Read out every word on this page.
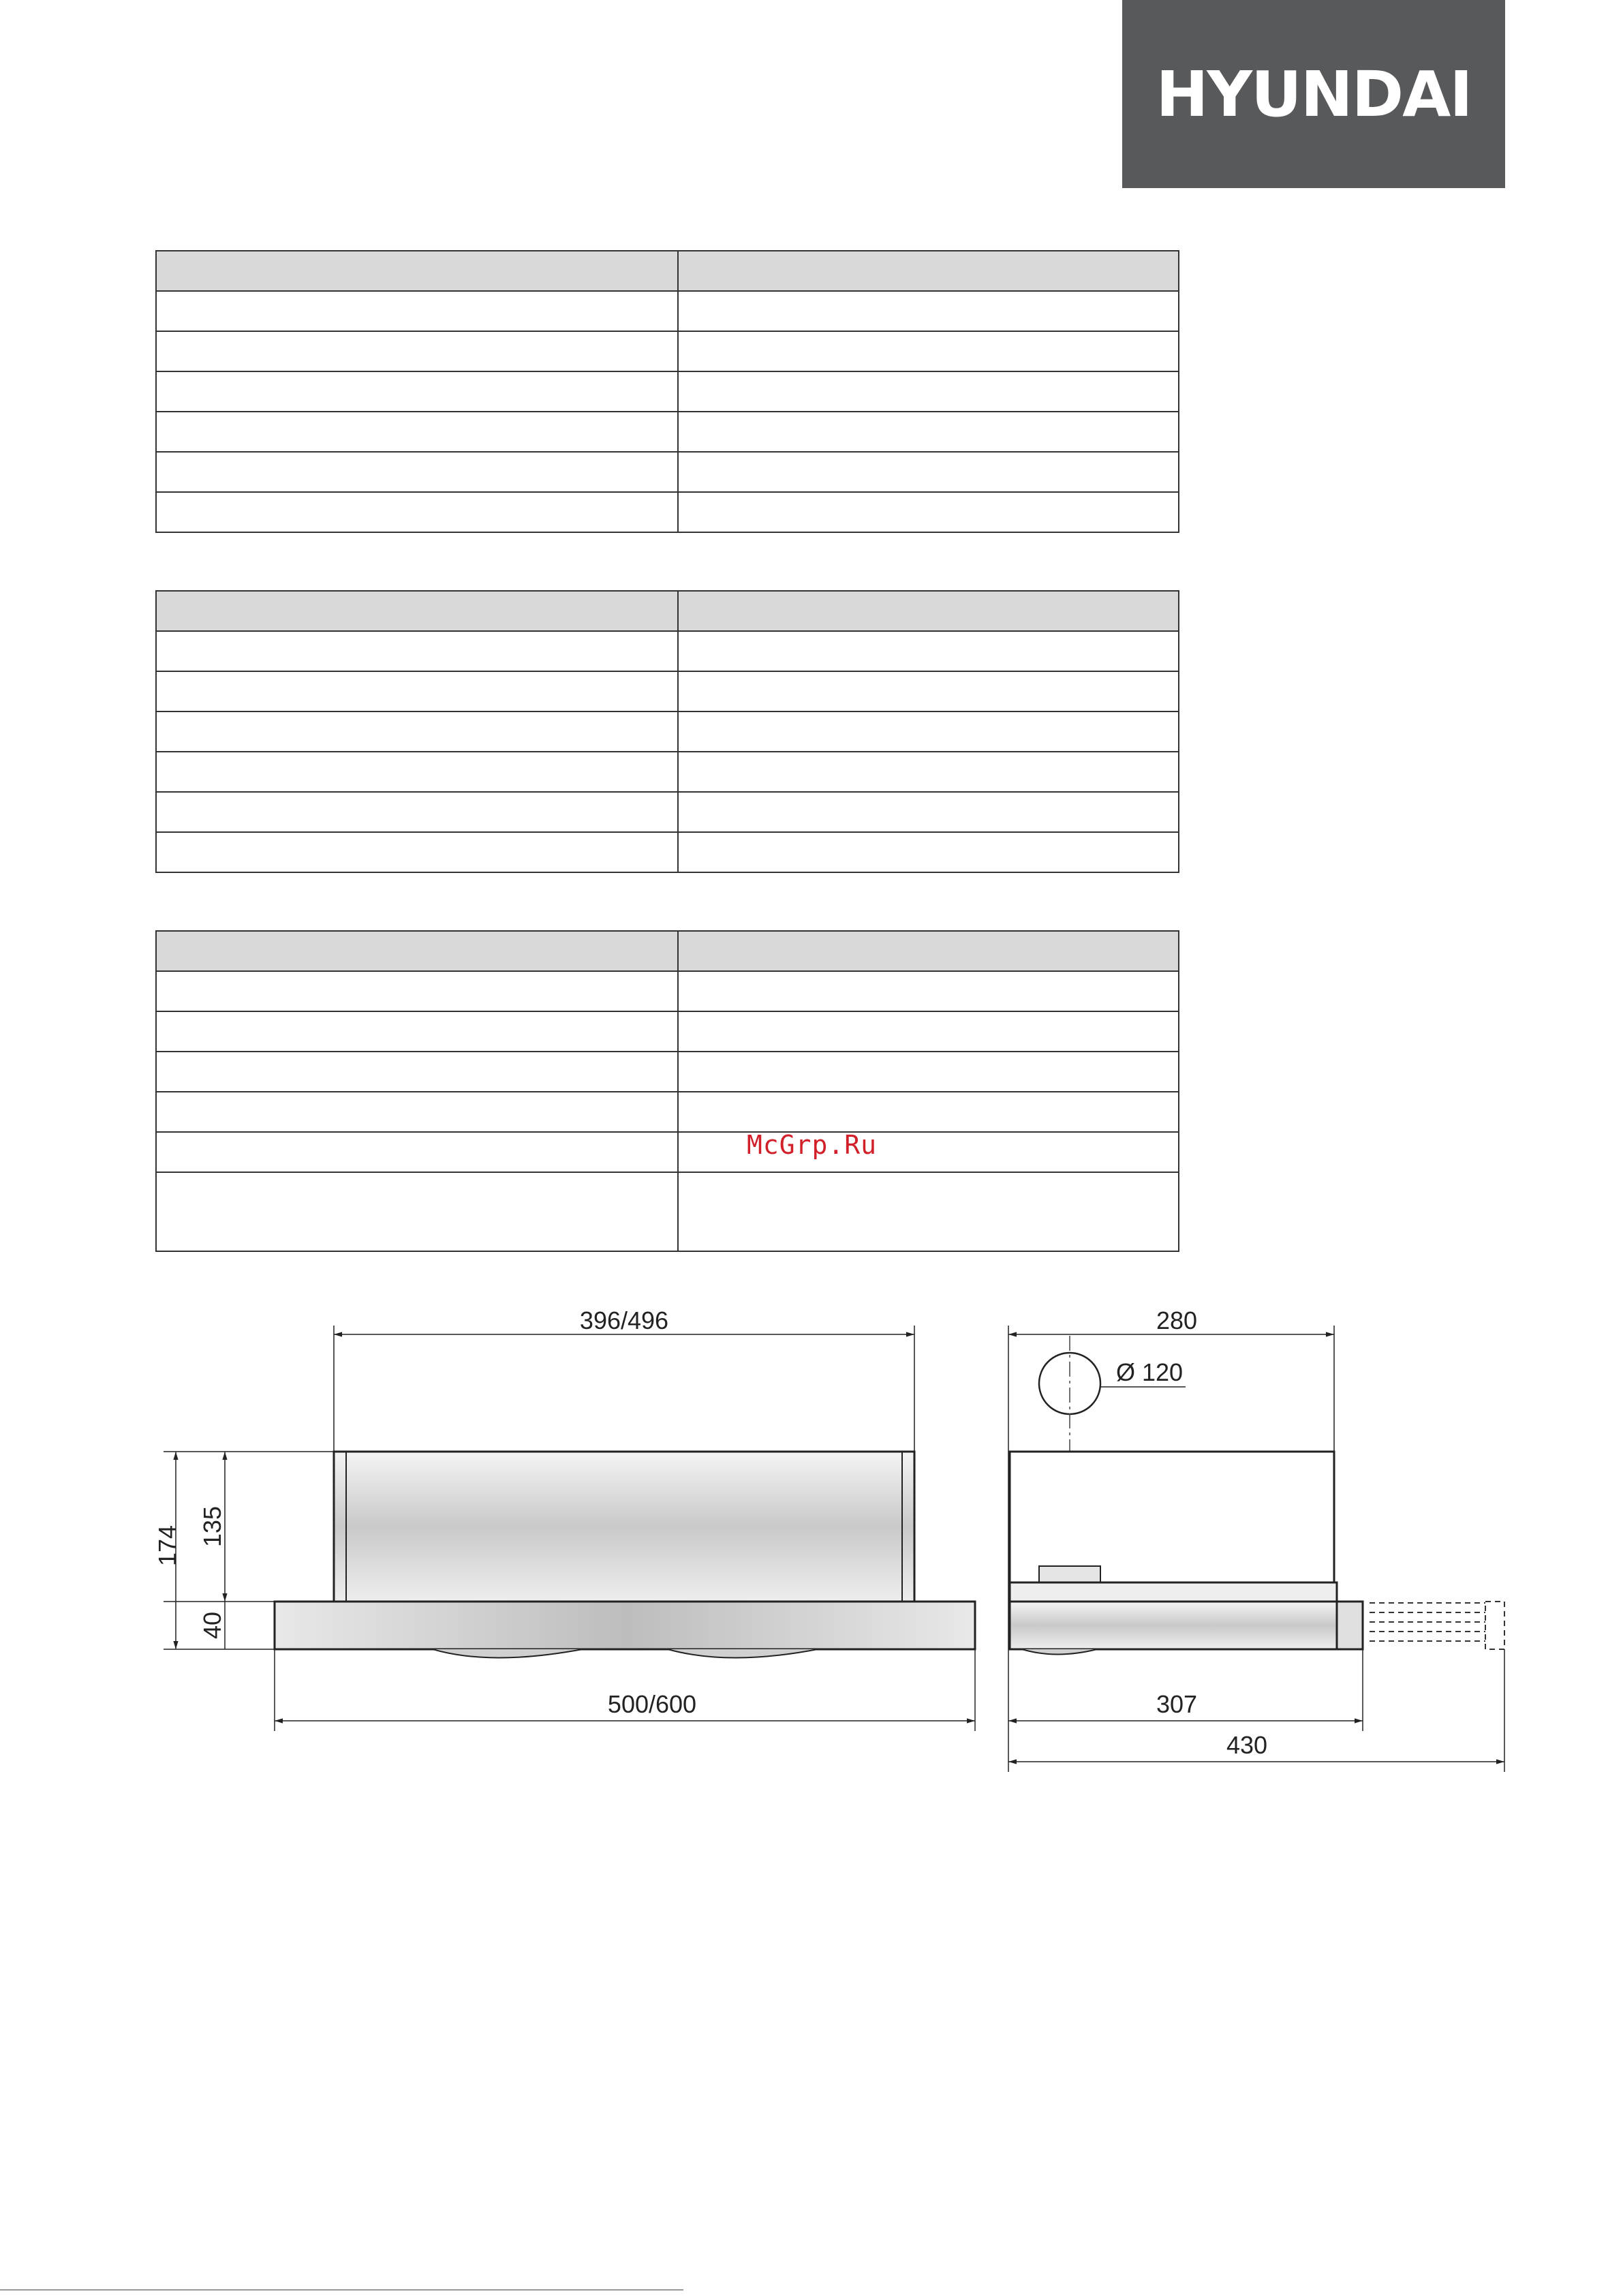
HYUNDAI

McGrp.Ru
396/496
174 135
40
500/600
280
Ø 120
307
430
